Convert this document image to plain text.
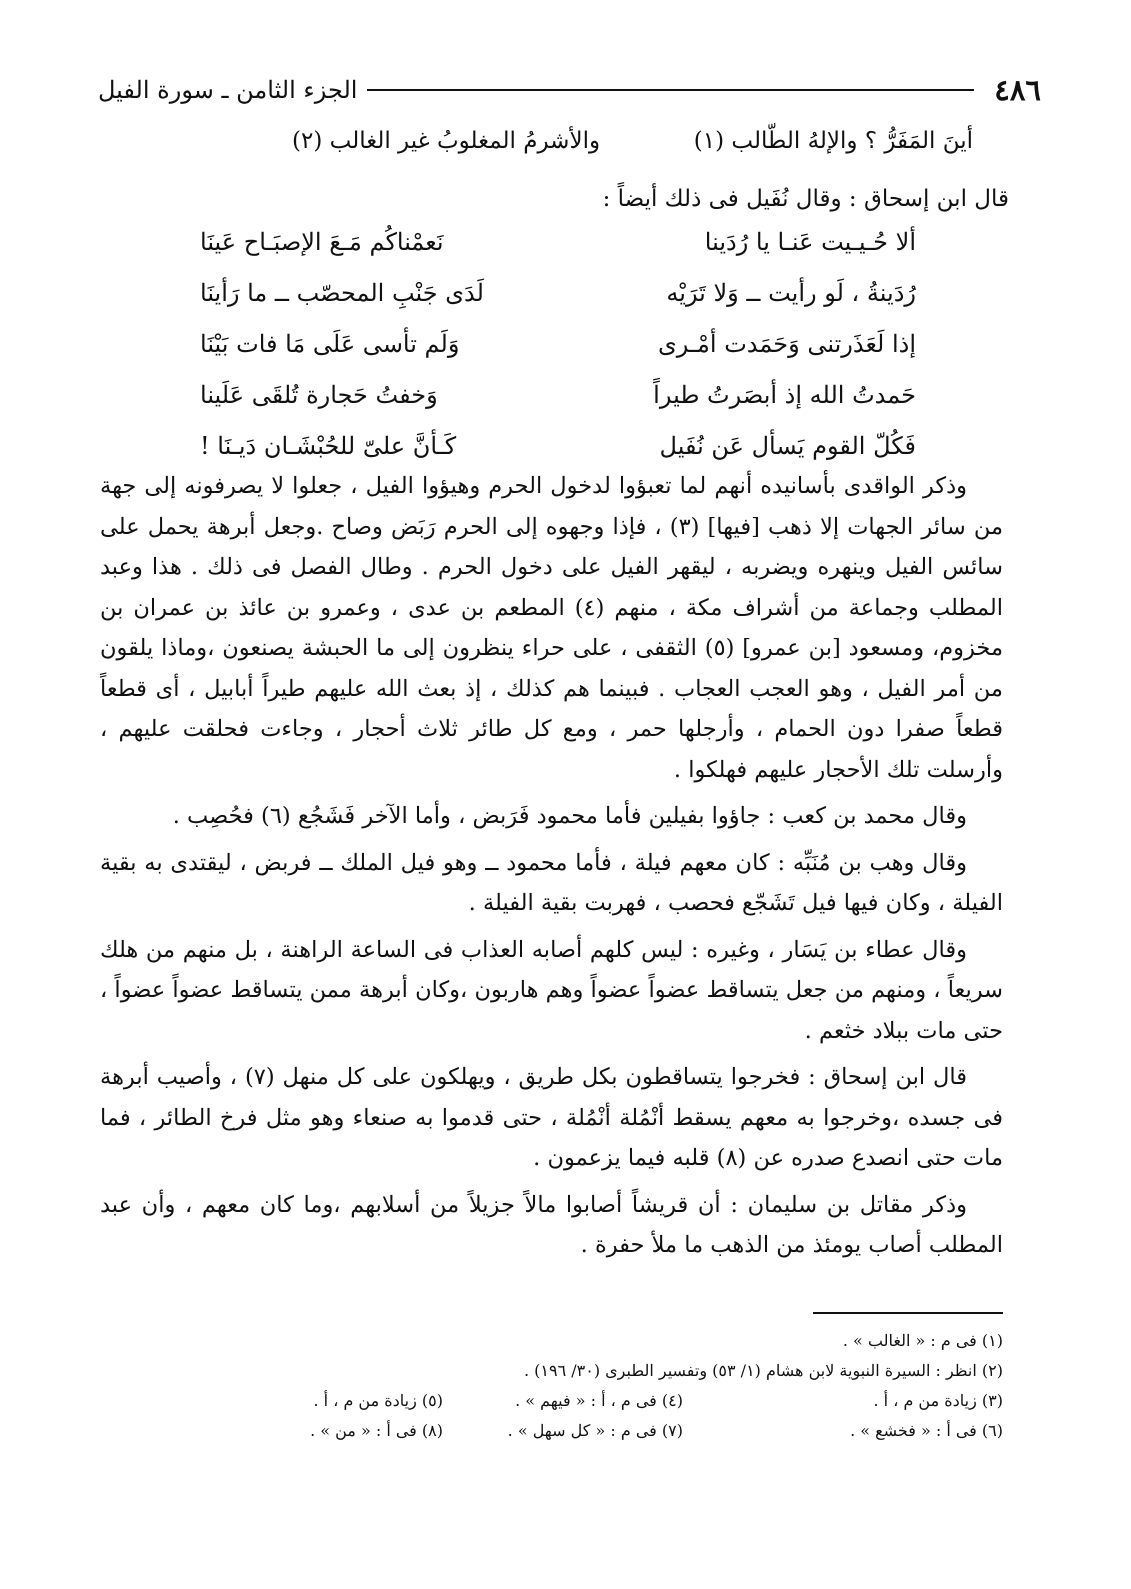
٤٨٦
الجزء الثامن ـ سورة الفيل
أينَ المَفَرُّ ؟ والإلهُ الطّالب (١)
والأشرمُ المغلوبُ غير الغالب (٢)
قال ابن إسحاق : وقال نُفَيل فى ذلك أيضاً :
ألا حُـيـيت عَنـا يا رُدَينا
نَعمْناكُم مَـعَ الإصبَـاح عَينَا
رُدَينةُ ، لَو رأيت ــ وَلا تَرَيْه
لَدَى جَنْبِ المحصّب ــ ما رَأينَا
إذا لَعَذَرتنى وَحَمَدت أمْـرى
وَلَم تأسى عَلَى مَا فات بَيْنَا
حَمدتُ الله إذ أبصَرتُ طيراً
وَخفتُ حَجارة تُلقَى عَلَينا
فَكُلّ القوم يَسأل عَن نُفَيل
كَـأنَّ علىّ للحُبْشَـان دَيـنَا !

وذكر الواقدى بأسانيده أنهم لما تعبؤوا لدخول الحرم وهيؤوا الفيل ، جعلوا لا يصرفونه إلى جهة من سائر الجهات إلا ذهب [فيها] (٣) ، فإذا وجهوه إلى الحرم رَبَض وصاح .وجعل أبرهة يحمل على سائس الفيل وينهره ويضربه ، ليقهر الفيل على دخول الحرم . وطال الفصل فى ذلك . هذا وعبد المطلب وجماعة من أشراف مكة ، منهم (٤) المطعم بن عدى ، وعمرو بن عائذ بن عمران بن مخزوم، ومسعود [بن عمرو] (٥) الثقفى ، على حراء ينظرون إلى ما الحبشة يصنعون ،وماذا يلقون من أمر الفيل ، وهو العجب العجاب . فبينما هم كذلك ، إذ بعث الله عليهم طيراً أبابيل ، أى قطعاً قطعاً صفرا دون الحمام ، وأرجلها حمر ، ومع كل طائر ثلاث أحجار ، وجاءت فحلقت عليهم ، وأرسلت تلك الأحجار عليهم فهلكوا .

وقال محمد بن كعب : جاؤوا بفيلين فأما محمود فَرَبض ، وأما الآخر فَشَجُع (٦) فحُصِب .

وقال وهب بن مُنَبِّه : كان معهم فيلة ، فأما محمود ــ وهو فيل الملك ــ فربض ، ليقتدى به بقية الفيلة ، وكان فيها فيل تَشَجّع فحصب ، فهربت بقية الفيلة .

وقال عطاء بن يَسَار ، وغيره : ليس كلهم أصابه العذاب فى الساعة الراهنة ، بل منهم من هلك سريعاً ، ومنهم من جعل يتساقط عضواً عضواً وهم هاربون ،وكان أبرهة ممن يتساقط عضواً عضواً ، حتى مات ببلاد خثعم .

قال ابن إسحاق : فخرجوا يتساقطون بكل طريق ، ويهلكون على كل منهل (٧) ، وأصيب أبرهة فى جسده ،وخرجوا به معهم يسقط أنْمُلة أنْمُلة ، حتى قدموا به صنعاء وهو مثل فرخ الطائر ، فما مات حتى انصدع صدره عن (٨) قلبه فيما يزعمون .

وذكر مقاتل بن سليمان : أن قريشاً أصابوا مالاً جزيلاً من أسلابهم ،وما كان معهم ، وأن عبد المطلب أصاب يومئذ من الذهب ما ملأ حفرة .

(١) فى م : « الغالب » .
(٢) انظر : السيرة النبوية لابن هشام (١/ ٥٣) وتفسير الطبرى (٣٠/ ١٩٦) .
(٣) زيادة من م ، أ .
(٤) فى م ، أ : « فيهم » .
(٥) زيادة من م ، أ .
(٦) فى أ : « فخشع » .
(٧) فى م : « كل سهل » .
(٨) فى أ : « من » .
